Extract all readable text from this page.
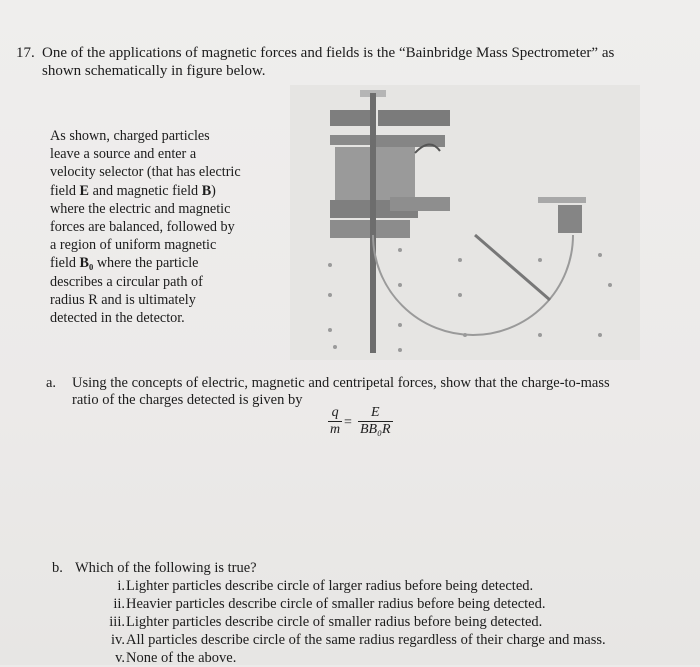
17. One of the applications of magnetic forces and fields is the “Bainbridge Mass Spectrometer” as
shown schematically in figure below.
As shown, charged particles
leave a source and enter a
velocity selector (that has electric
field E and magnetic field B)
where the electric and magnetic
forces are balanced, followed by
a region of uniform magnetic
field B₀ where the particle
describes a circular path of
radius R and is ultimately
detected in the detector.
a. Using the concepts of electric, magnetic and centripetal forces, show that the charge-to-mass
ratio of the charges detected is given by
q
m =
E
BB₀R
b. Which of the following is true?
i. Lighter particles describe circle of larger radius before being detected.
ii. Heavier particles describe circle of smaller radius before being detected.
iii. Lighter particles describe circle of smaller radius before being detected.
iv. All particles describe circle of the same radius regardless of their charge and mass.
v. None of the above.
